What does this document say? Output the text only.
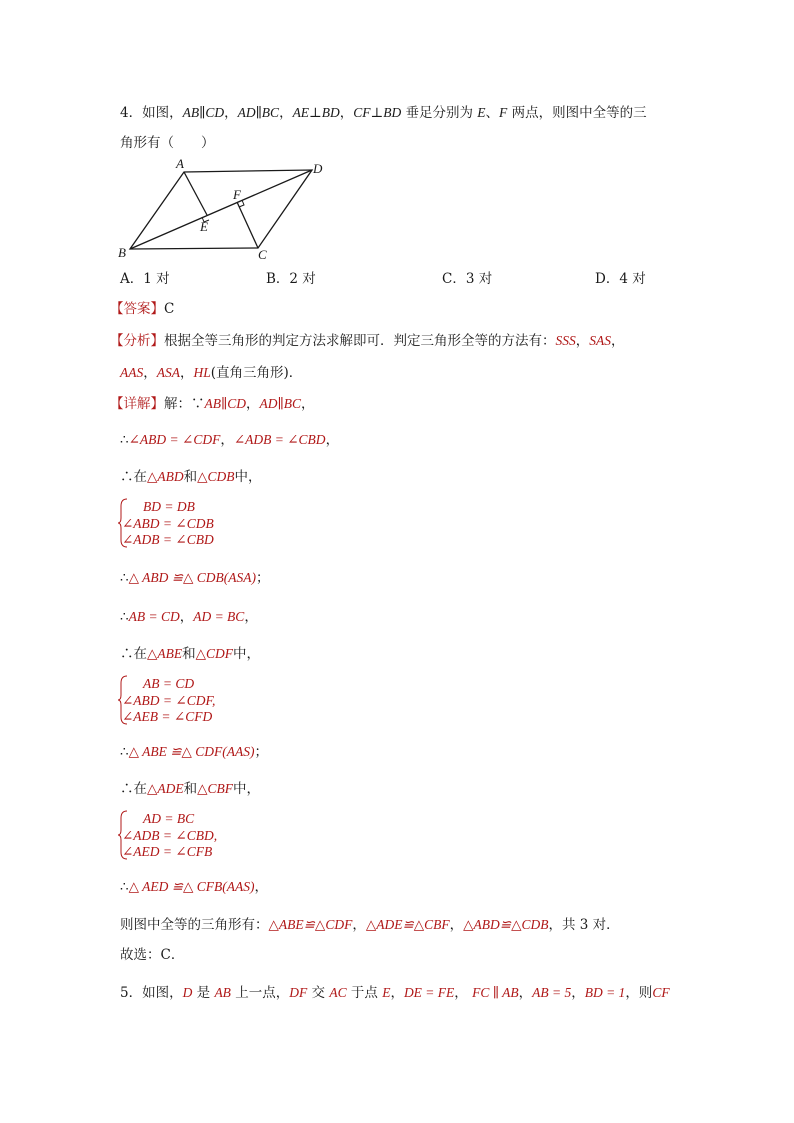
4．如图，AB∥CD，AD∥BC，AE⊥BD，CF⊥BD 垂足分别为 E、F 两点，则图中全等的三
角形有（　　）
A	D
B	C
E
F
A．1 对	B．2 对	C．3 对	D．4 对
【答案】C
【分析】根据全等三角形的判定方法求解即可．判定三角形全等的方法有：SSS，SAS，
AAS，ASA，HL(直角三角形)．
【详解】解：∵AB∥CD，AD∥BC，
∴∠ABD = ∠CDF，∠ADB = ∠CBD，
∴在△ABD和△CDB中，
BD = DB
∠ABD = ∠CDB
∠ADB = ∠CBD
∴△ ABD ≌△ CDB(ASA)；
∴AB = CD，AD = BC，
∴在△ABE和△CDF中，
AB = CD
∠ABD = ∠CDF,
∠AEB = ∠CFD
∴△ ABE ≌△ CDF(AAS)；
∴在△ADE和△CBF中，
AD = BC
∠ADB = ∠CBD,
∠AED = ∠CFB
∴△ AED ≌△ CFB(AAS)，
则图中全等的三角形有：△ABE≌△CDF，△ADE≌△CBF，△ABD≌△CDB，共 3 对．
故选：C．
5．如图，D 是 AB 上一点，DF 交 AC 于点 E，DE = FE， FC ∥ AB，AB = 5，BD = 1，则CF
